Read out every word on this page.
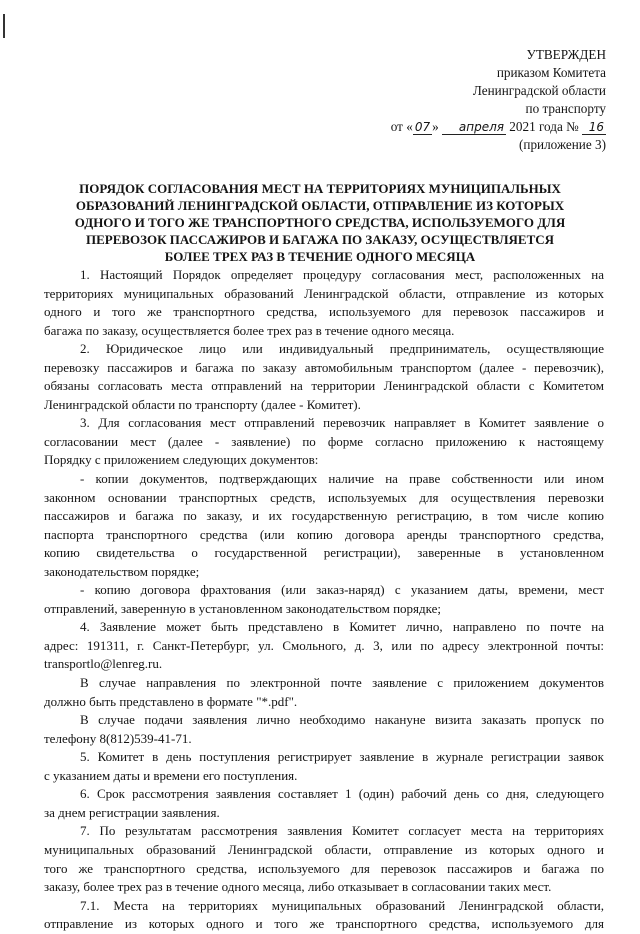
УТВЕРЖДЕН
приказом Комитета
Ленинградской области
по транспорту
от « 07 » апреля 2021 года № 16
(приложение 3)
ПОРЯДОК СОГЛАСОВАНИЯ МЕСТ НА ТЕРРИТОРИЯХ МУНИЦИПАЛЬНЫХ
ОБРАЗОВАНИЙ ЛЕНИНГРАДСКОЙ ОБЛАСТИ, ОТПРАВЛЕНИЕ ИЗ КОТОРЫХ
ОДНОГО И ТОГО ЖЕ ТРАНСПОРТНОГО СРЕДСТВА, ИСПОЛЬЗУЕМОГО ДЛЯ
ПЕРЕВОЗОК ПАССАЖИРОВ И БАГАЖА ПО ЗАКАЗУ, ОСУЩЕСТВЛЯЕТСЯ
БОЛЕЕ ТРЕХ РАЗ В ТЕЧЕНИЕ ОДНОГО МЕСЯЦА
1. Настоящий Порядок определяет процедуру согласования мест, расположенных на
территориях муниципальных образований Ленинградской области, отправление из которых
одного и того же транспортного средства, используемого для перевозок пассажиров и
багажа по заказу, осуществляется более трех раз в течение одного месяца.
2. Юридическое лицо или индивидуальный предприниматель, осуществляющие
перевозку пассажиров и багажа по заказу автомобильным транспортом (далее - перевозчик),
обязаны согласовать места отправлений на территории Ленинградской области с Комитетом
Ленинградской области по транспорту (далее - Комитет).
3. Для согласования мест отправлений перевозчик направляет в Комитет заявление о
согласовании мест (далее - заявление) по форме согласно приложению к настоящему
Порядку с приложением следующих документов:
- копии документов, подтверждающих наличие на праве собственности или ином
законном основании транспортных средств, используемых для осуществления перевозки
пассажиров и багажа по заказу, и их государственную регистрацию, в том числе копию
паспорта транспортного средства (или копию договора аренды транспортного средства,
копию свидетельства о государственной регистрации), заверенные в установленном
законодательством порядке;
- копию договора фрахтования (или заказ-наряд) с указанием даты, времени, мест
отправлений, заверенную в установленном законодательством порядке;
4. Заявление может быть представлено в Комитет лично, направлено по почте на
адрес: 191311, г. Санкт-Петербург, ул. Смольного, д. 3, или по адресу электронной почты:
transportlo@lenreg.ru.
В случае направления по электронной почте заявление с приложением документов
должно быть представлено в формате "*.pdf".
В случае подачи заявления лично необходимо накануне визита заказать пропуск по
телефону 8(812)539-41-71.
5. Комитет в день поступления регистрирует заявление в журнале регистрации заявок
с указанием даты и времени его поступления.
6. Срок рассмотрения заявления составляет 1 (один) рабочий день со дня, следующего
за днем регистрации заявления.
7. По результатам рассмотрения заявления Комитет согласует места на территориях
муниципальных образований Ленинградской области, отправление из которых одного и
того же транспортного средства, используемого для перевозок пассажиров и багажа по
заказу, более трех раз в течение одного месяца, либо отказывает в согласовании таких мест.
7.1. Места на территориях муниципальных образований Ленинградской области,
отправление из которых одного и того же транспортного средства, используемого для
